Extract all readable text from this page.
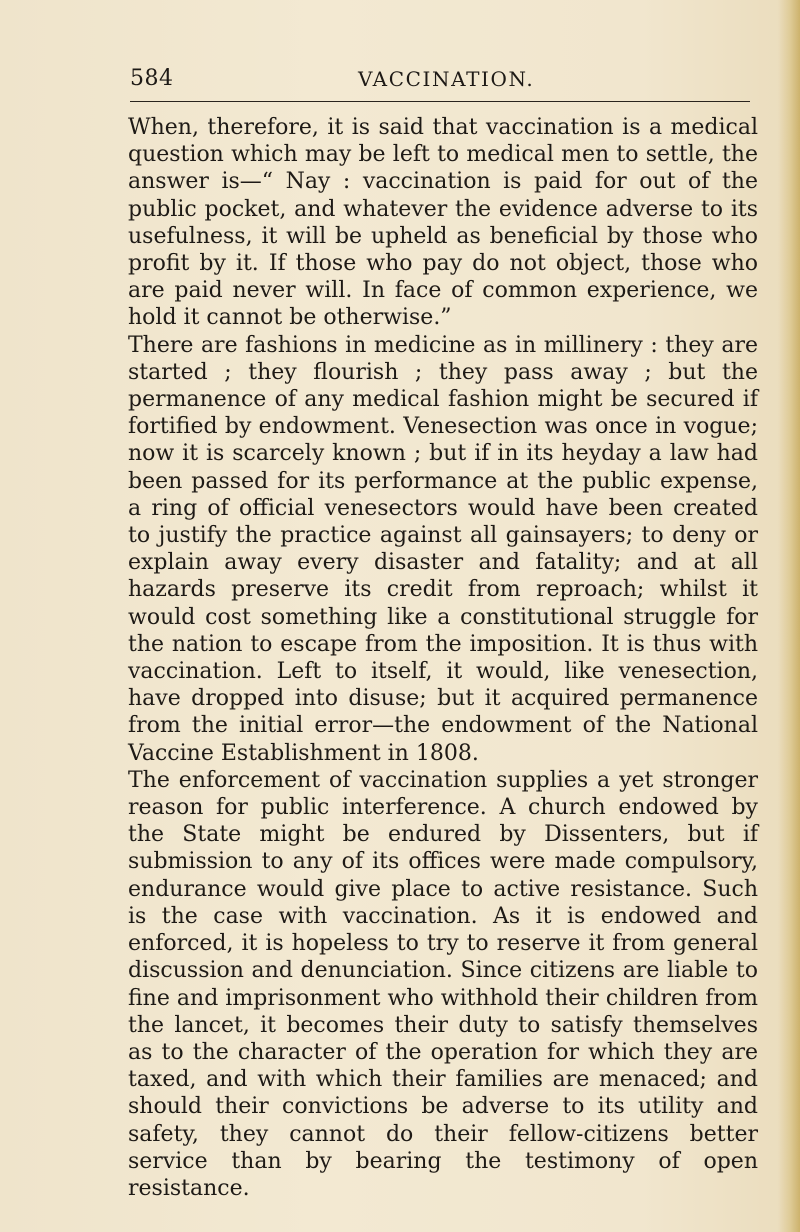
584	VACCINATION.

When, therefore, it is said that vaccination is a medical question which may be left to medical men to settle, the answer is—“ Nay : vaccination is paid for out of the public pocket, and whatever the evidence adverse to its usefulness, it will be upheld as beneficial by those who profit by it. If those who pay do not object, those who are paid never will. In face of common experience, we hold it cannot be otherwise.”

There are fashions in medicine as in millinery : they are started ; they flourish ; they pass away ; but the permanence of any medical fashion might be secured if fortified by endowment. Venesection was once in vogue; now it is scarcely known ; but if in its heyday a law had been passed for its performance at the public expense, a ring of official venesectors would have been created to justify the practice against all gainsayers; to deny or explain away every disaster and fatality; and at all hazards preserve its credit from reproach; whilst it would cost something like a constitutional struggle for the nation to escape from the imposition. It is thus with vaccination. Left to itself, it would, like venesection, have dropped into disuse; but it acquired permanence from the initial error—the endowment of the National Vaccine Establishment in 1808.

The enforcement of vaccination supplies a yet stronger reason for public interference. A church endowed by the State might be endured by Dissenters, but if submission to any of its offices were made compulsory, endurance would give place to active resistance. Such is the case with vaccination. As it is endowed and enforced, it is hopeless to try to reserve it from general discussion and denunciation. Since citizens are liable to fine and imprisonment who withhold their children from the lancet, it becomes their duty to satisfy themselves as to the character of the operation for which they are taxed, and with which their families are menaced; and should their convictions be adverse to its utility and safety, they cannot do their fellow-citizens better service than by bearing the testimony of open resistance.
